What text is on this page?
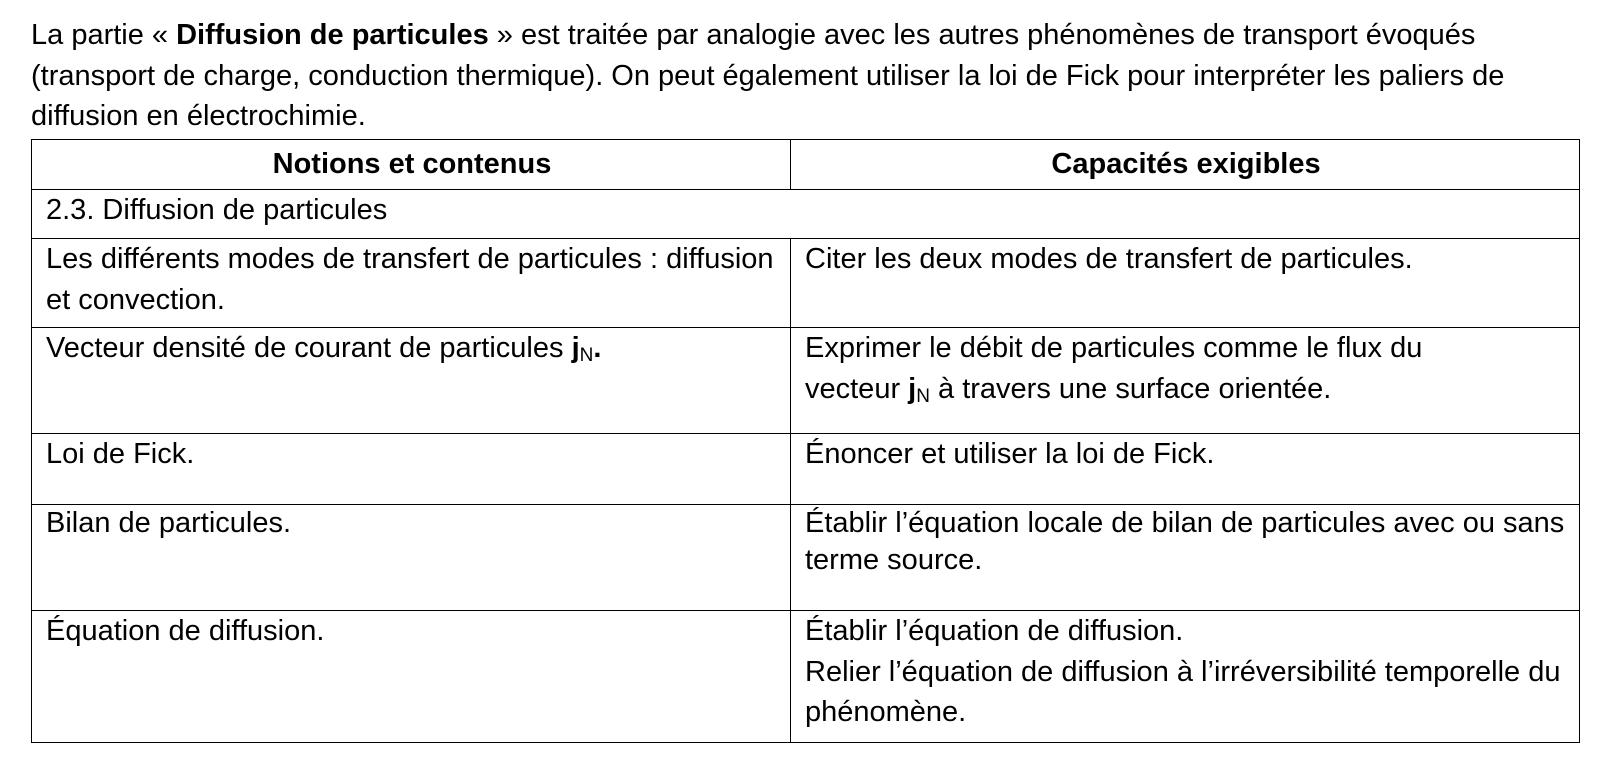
La partie « Diffusion de particules » est traitée par analogie avec les autres phénomènes de transport évoqués (transport de charge, conduction thermique). On peut également utiliser la loi de Fick pour interpréter les paliers de diffusion en électrochimie.

Notions et contenus	Capacités exigibles
2.3. Diffusion de particules	
Les différents modes de transfert de particules : diffusion et convection.	Citer les deux modes de transfert de particules.
Vecteur densité de courant de particules $j_N$.	Exprimer le débit de particules comme le flux du
vecteur $j_N$ à travers une surface orientée.
Loi de Fick.	Énoncer et utiliser la loi de Fick.
Bilan de particules.	Établir l’équation locale de bilan de particules avec ou sans terme source.
Équation de diffusion.	Établir l’équation de diffusion.
Relier l’équation de diffusion à l’irréversibilité temporelle du phénomène.
